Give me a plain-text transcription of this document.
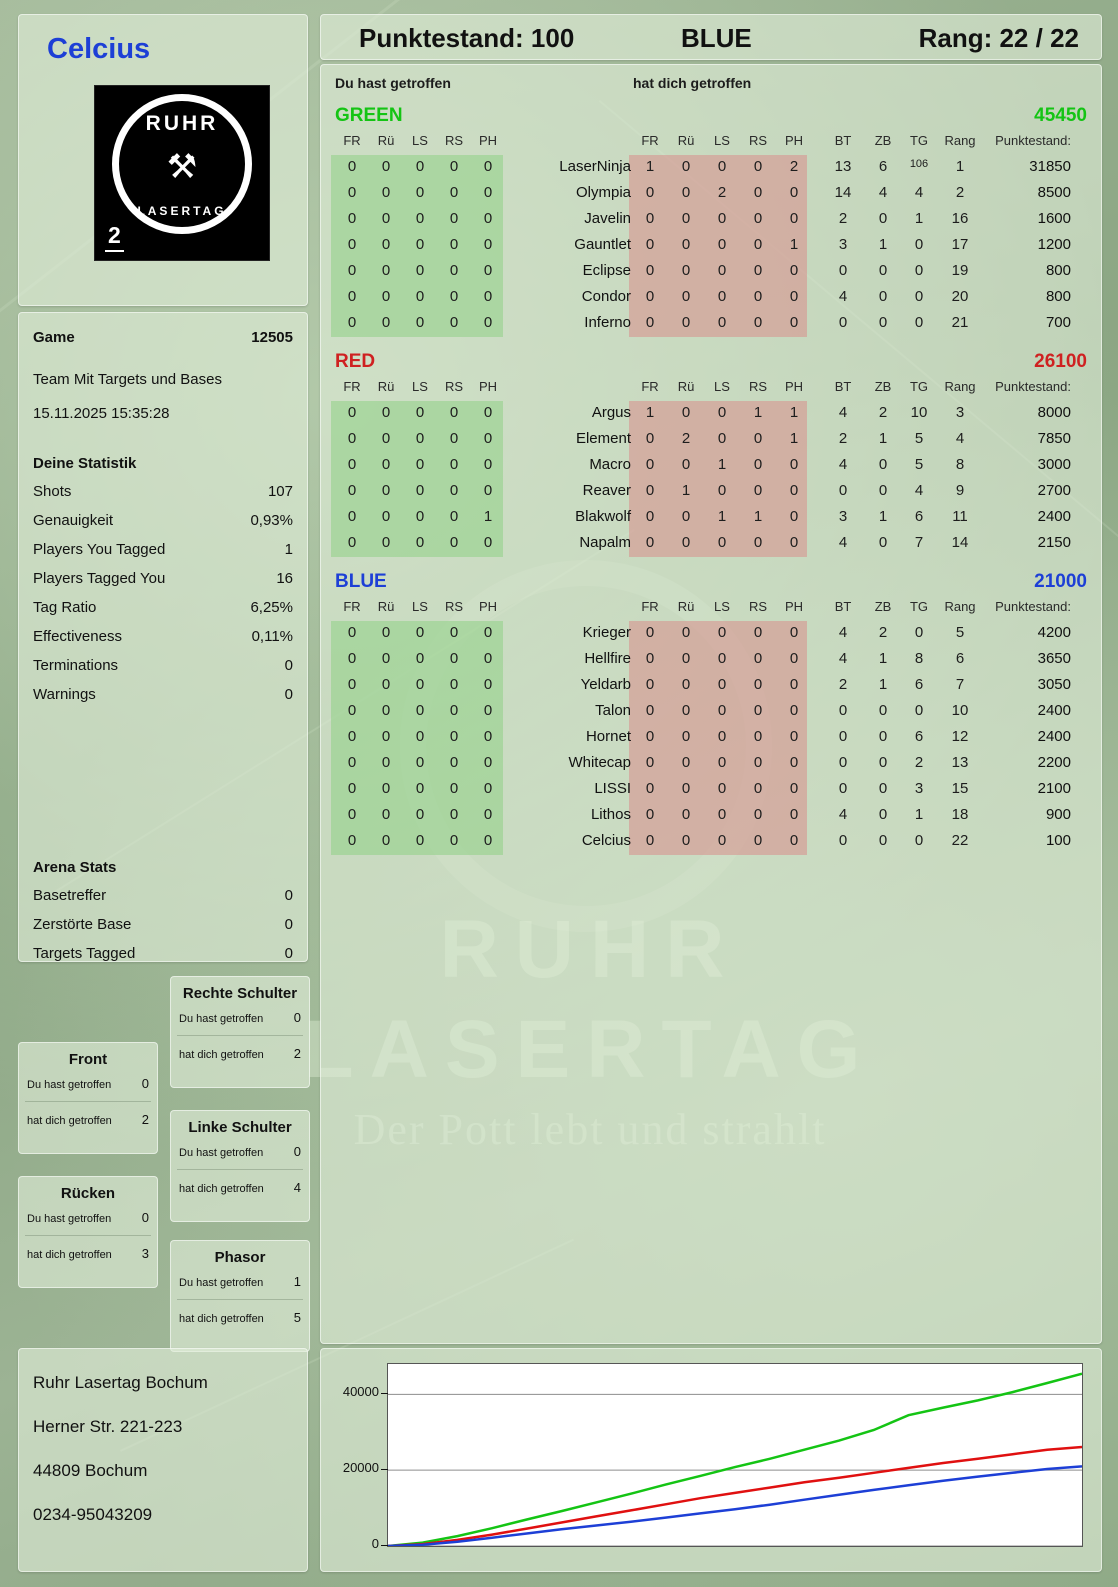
Celcius
RUHR
⚒
LASERTAG
2
Punktestand: 100	BLUE	Rang: 22 / 22
Du hast getroffen	hat dich getroffen
GREEN	45450
FR	Rü	LS	RS	PH	FR	Rü	LS	RS	PH	BT	ZB	TG	Rang	Punktestand:
0	0	0	0	0	LaserNinja 1	0	0	0	2	13	6	106	1	31850
0	0	0	0	0	Olympia 0	0	2	0	0	14	4	4	2	8500
0	0	0	0	0	Javelin 0	0	0	0	0	2	0	1	16	1600
0	0	0	0	0	Gauntlet 0	0	0	0	1	3	1	0	17	1200
0	0	0	0	0	Eclipse 0	0	0	0	0	0	0	0	19	800
0	0	0	0	0	Condor 0	0	0	0	0	4	0	0	20	800
0	0	0	0	0	Inferno 0	0	0	0	0	0	0	0	21	700
RED	26100
FR	Rü	LS	RS	PH	FR	Rü	LS	RS	PH	BT	ZB	TG	Rang	Punktestand:
0	0	0	0	0	Argus 1	0	0	1	1	4	2	10	3	8000
0	0	0	0	0	Element 0	2	0	0	1	2	1	5	4	7850
0	0	0	0	0	Macro 0	0	1	0	0	4	0	5	8	3000
0	0	0	0	0	Reaver 0	1	0	0	0	0	0	4	9	2700
0	0	0	0	1	Blakwolf 0	0	1	1	0	3	1	6	11	2400
0	0	0	0	0	Napalm 0	0	0	0	0	4	0	7	14	2150
BLUE	21000
FR	Rü	LS	RS	PH	FR	Rü	LS	RS	PH	BT	ZB	TG	Rang	Punktestand:
0	0	0	0	0	Krieger 0	0	0	0	0	4	2	0	5	4200
0	0	0	0	0	Hellfire 0	0	0	0	0	4	1	8	6	3650
0	0	0	0	0	Yeldarb 0	0	0	0	0	2	1	6	7	3050
0	0	0	0	0	Talon 0	0	0	0	0	0	0	0	10	2400
0	0	0	0	0	Hornet 0	0	0	0	0	0	0	6	12	2400
0	0	0	0	0	Whitecap 0	0	0	0	0	0	0	2	13	2200
0	0	0	0	0	LISSI 0	0	0	0	0	0	0	3	15	2100
0	0	0	0	0	Lithos 0	0	0	0	0	4	0	1	18	900
0	0	0	0	0	Celcius 0	0	0	0	0	0	0	0	22	100
Game	12505
Team Mit Targets und Bases
15.11.2025 15:35:28
Deine Statistik
Shots	107
Genauigkeit	0,93%
Players You Tagged	1
Players Tagged You	16
Tag Ratio	6,25%
Effectiveness	0,11%
Terminations	0
Warnings	0
Arena Stats
Basetreffer	0
Zerstörte Base	0
Targets Tagged	0
Front
Du hast getroffen 0
hat dich getroffen 2
Rechte Schulter
Du hast getroffen 0
hat dich getroffen 2
Linke Schulter
Du hast getroffen 0
hat dich getroffen 4
Rücken
Du hast getroffen 0
hat dich getroffen 3	Phasor
Du hast getroffen 1
hat dich getroffen 5
Ruhr Lasertag Bochum
Herner Str. 221-223
44809 Bochum
0234-95043209
0
20000
40000
